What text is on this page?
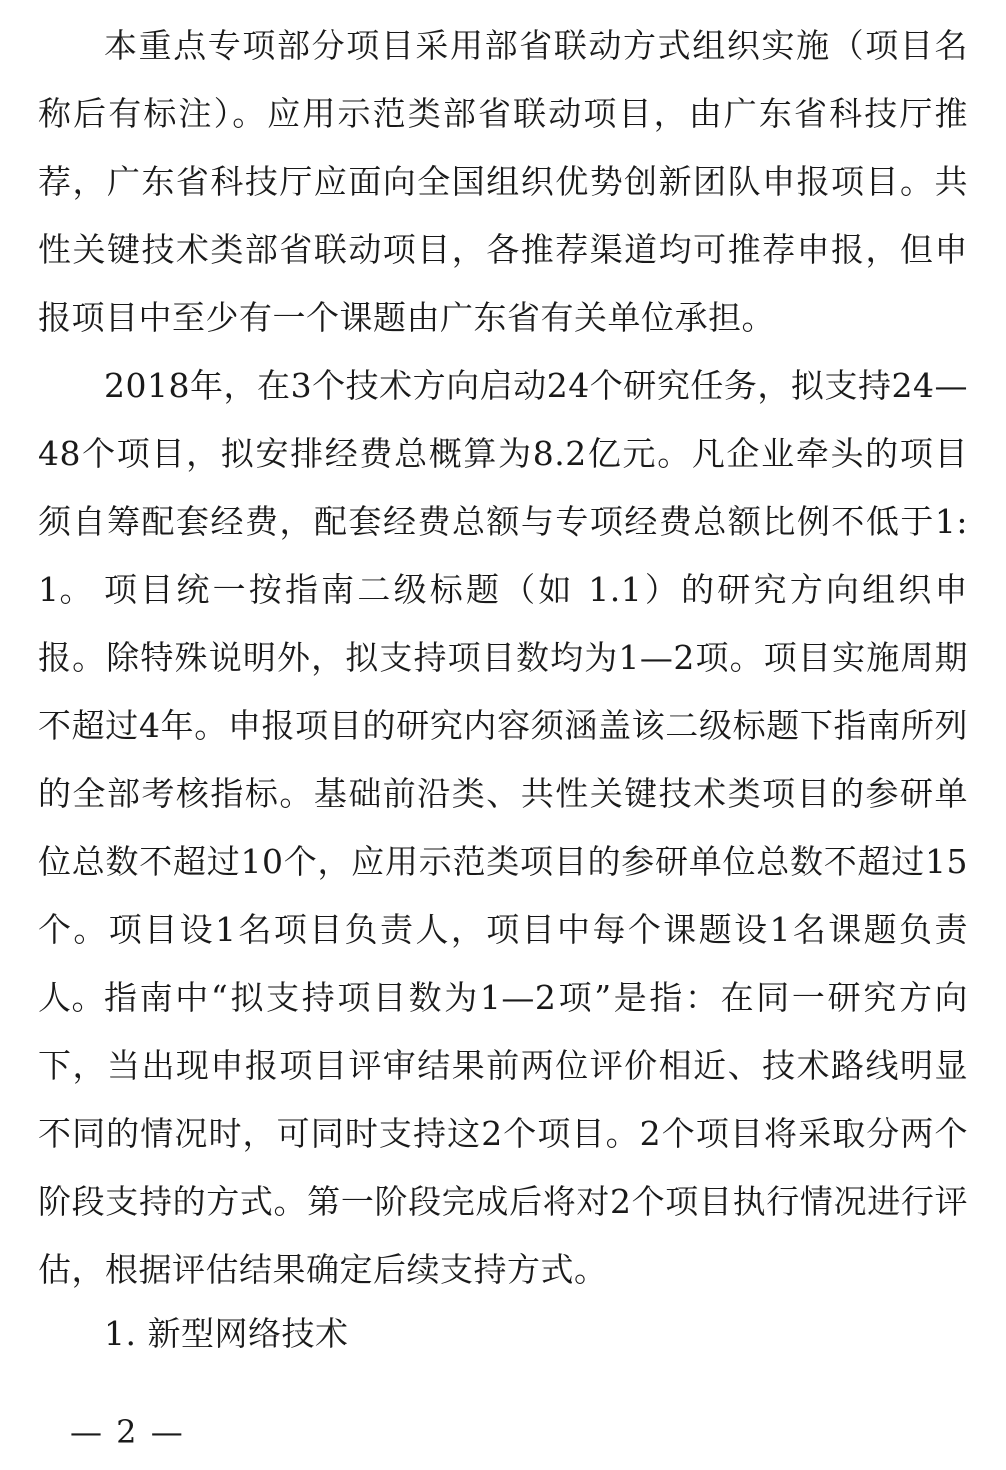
本重点专项部分项目采用部省联动方式组织实施（项目名称后有标注）。应用示范类部省联动项目，由广东省科技厅推荐，广东省科技厅应面向全国组织优势创新团队申报项目。共性关键技术类部省联动项目，各推荐渠道均可推荐申报，但申报项目中至少有一个课题由广东省有关单位承担。

2018年，在3个技术方向启动24个研究任务，拟支持24—48个项目，拟安排经费总概算为8.2亿元。凡企业牵头的项目须自筹配套经费，配套经费总额与专项经费总额比例不低于1:1。 项目统一按指南二级标题（如 1.1）的研究方向组织申报。除特殊说明外，拟支持项目数均为1—2项。项目实施周期不超过4年。申报项目的研究内容须涵盖该二级标题下指南所列的全部考核指标。基础前沿类、共性关键技术类项目的参研单位总数不超过10个，应用示范类项目的参研单位总数不超过15个。项目设1名项目负责人，项目中每个课题设1名课题负责人。 指南中“拟支持项目数为1—2项”是指：在同一研究方向下，当出现申报项目评审结果前两位评价相近、技术路线明显不同的情况时，可同时支持这2个项目。2个项目将采取分两个阶段支持的方式。第一阶段完成后将对2个项目执行情况进行评估，根据评估结果确定后续支持方式。

1. 新型网络技术

— 2 —
